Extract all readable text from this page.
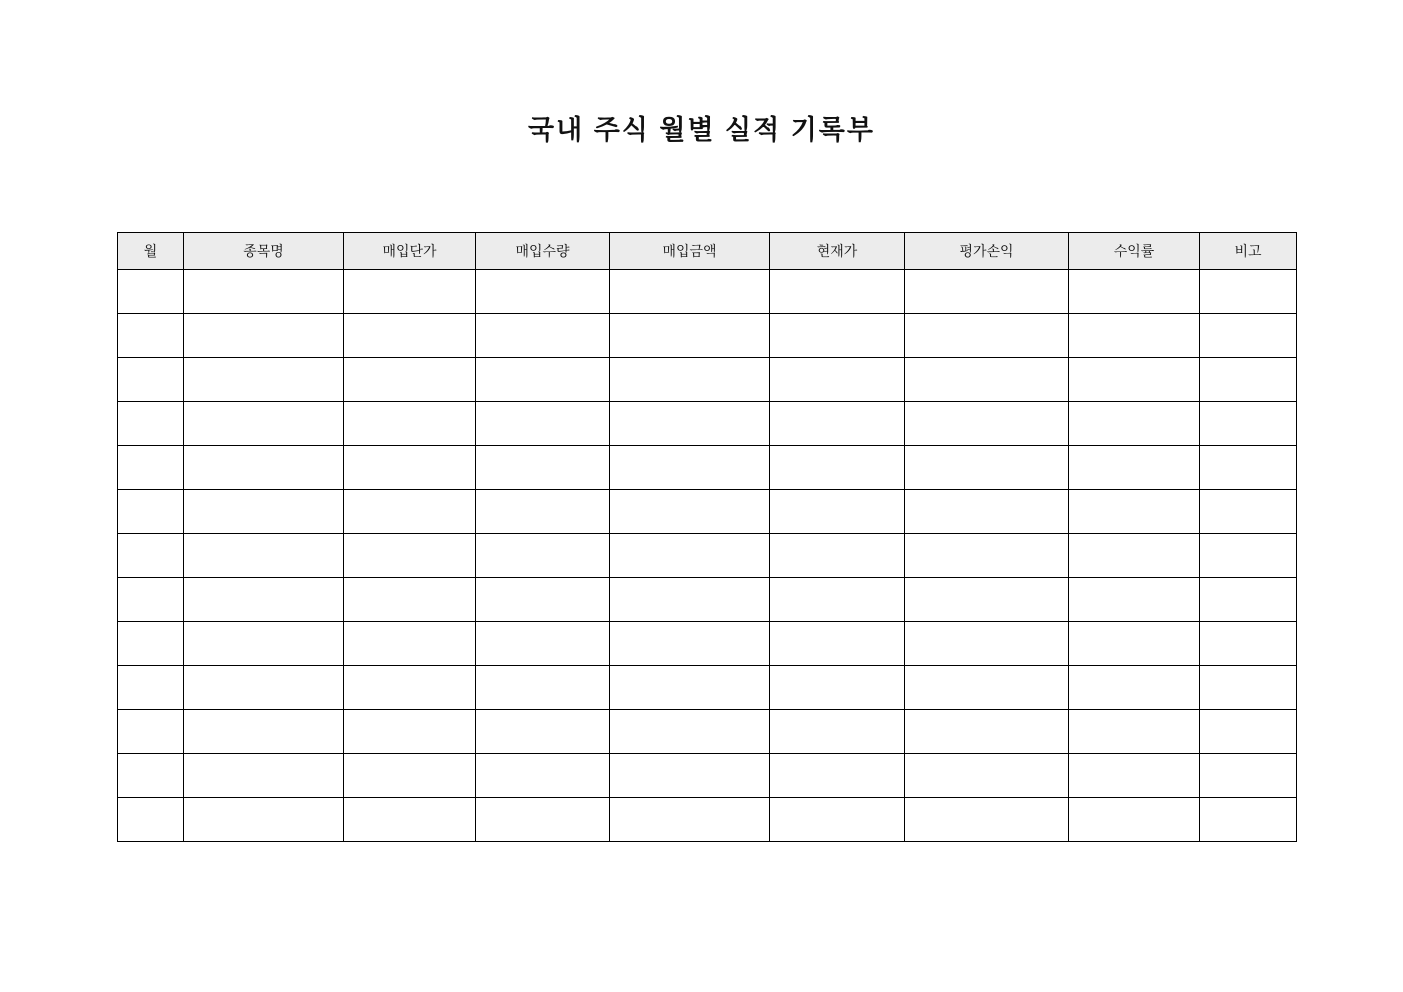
국내 주식 월별 실적 기록부
월	종목명	매입단가	매입수량	매입금액	현재가	평가손익	수익률	비고
